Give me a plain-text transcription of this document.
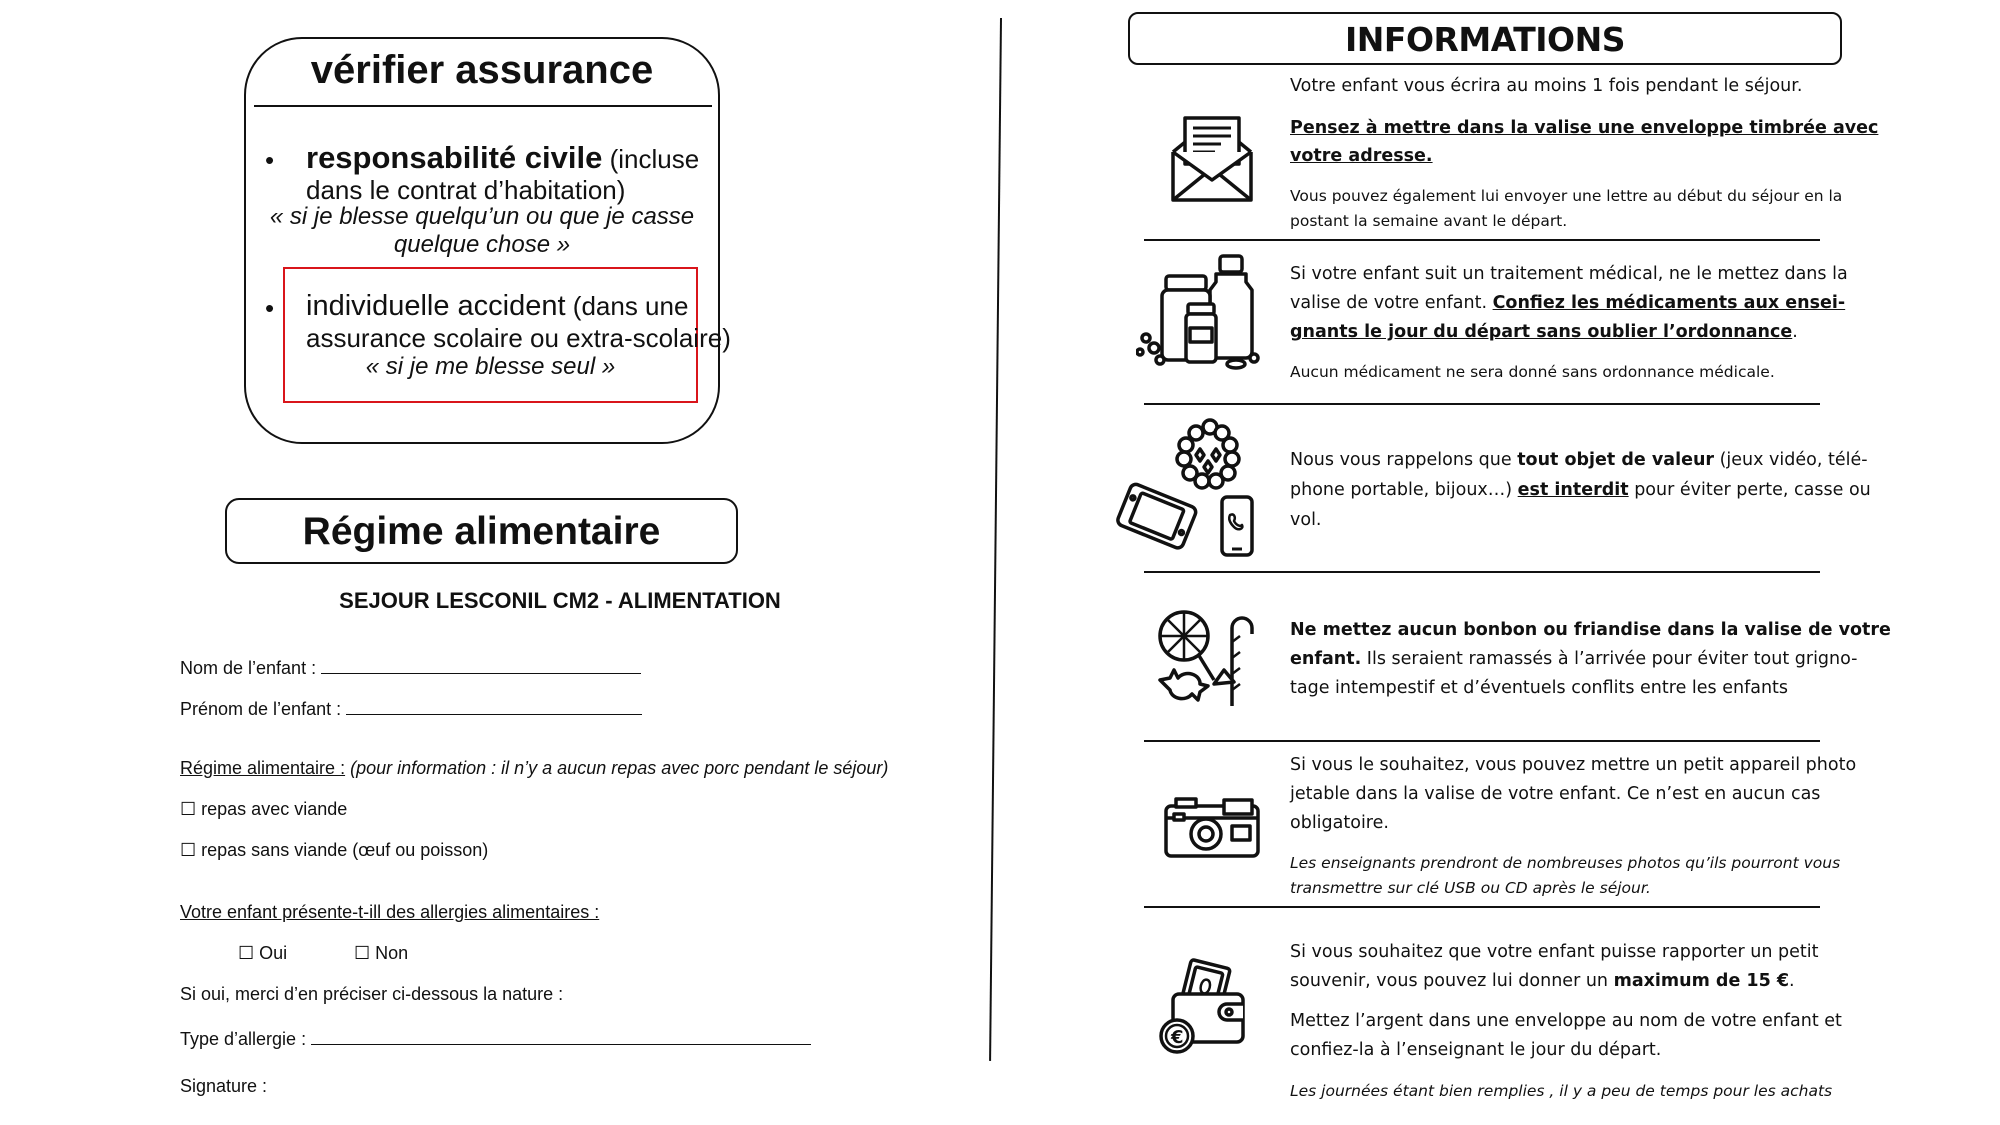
vérifier assurance
• responsabilité civile (incluse
dans le contrat d’habitation)
« si je blesse quelqu’un ou que je casse
quelque chose »
• individuelle accident (dans une
assurance scolaire ou extra-scolaire)
« si je me blesse seul »
Régime alimentaire
SEJOUR LESCONIL CM2 - ALIMENTATION
Nom de l’enfant :
Prénom de l’enfant :
Régime alimentaire : (pour information : il n’y a aucun repas avec porc pendant le séjour)
☐ repas avec viande
☐ repas sans viande (œuf ou poisson)
Votre enfant présente-t-ill des allergies alimentaires :
☐ Oui	☐ Non
Si oui, merci d’en préciser ci-dessous la nature :
Type d’allergie :
Signature :
INFORMATIONS
Votre enfant vous écrira au moins 1 fois pendant le séjour.
Pensez à mettre dans la valise une enveloppe timbrée avec
votre adresse.
Vous pouvez également lui envoyer une lettre au début du séjour en la
postant la semaine avant le départ.
Si votre enfant suit un traitement médical, ne le mettez dans la
valise de votre enfant. Confiez les médicaments aux ensei-
gnants le jour du départ sans oublier l’ordonnance.
Aucun médicament ne sera donné sans ordonnance médicale.
Nous vous rappelons que tout objet de valeur (jeux vidéo, télé-
phone portable, bijoux…) est interdit pour éviter perte, casse ou
vol.
Ne mettez aucun bonbon ou friandise dans la valise de votre
enfant. Ils seraient ramassés à l’arrivée pour éviter tout grigno-
tage intempestif et d’éventuels conflits entre les enfants
Si vous le souhaitez, vous pouvez mettre un petit appareil photo
jetable dans la valise de votre enfant. Ce n’est en aucun cas
obligatoire.
Les enseignants prendront de nombreuses photos qu’ils pourront vous
transmettre sur clé USB ou CD après le séjour.
€
Si vous souhaitez que votre enfant puisse rapporter un petit
souvenir, vous pouvez lui donner un maximum de 15 €.
Mettez l’argent dans une enveloppe au nom de votre enfant et
confiez-la à l’enseignant le jour du départ.
Les journées étant bien remplies , il y a peu de temps pour les achats
